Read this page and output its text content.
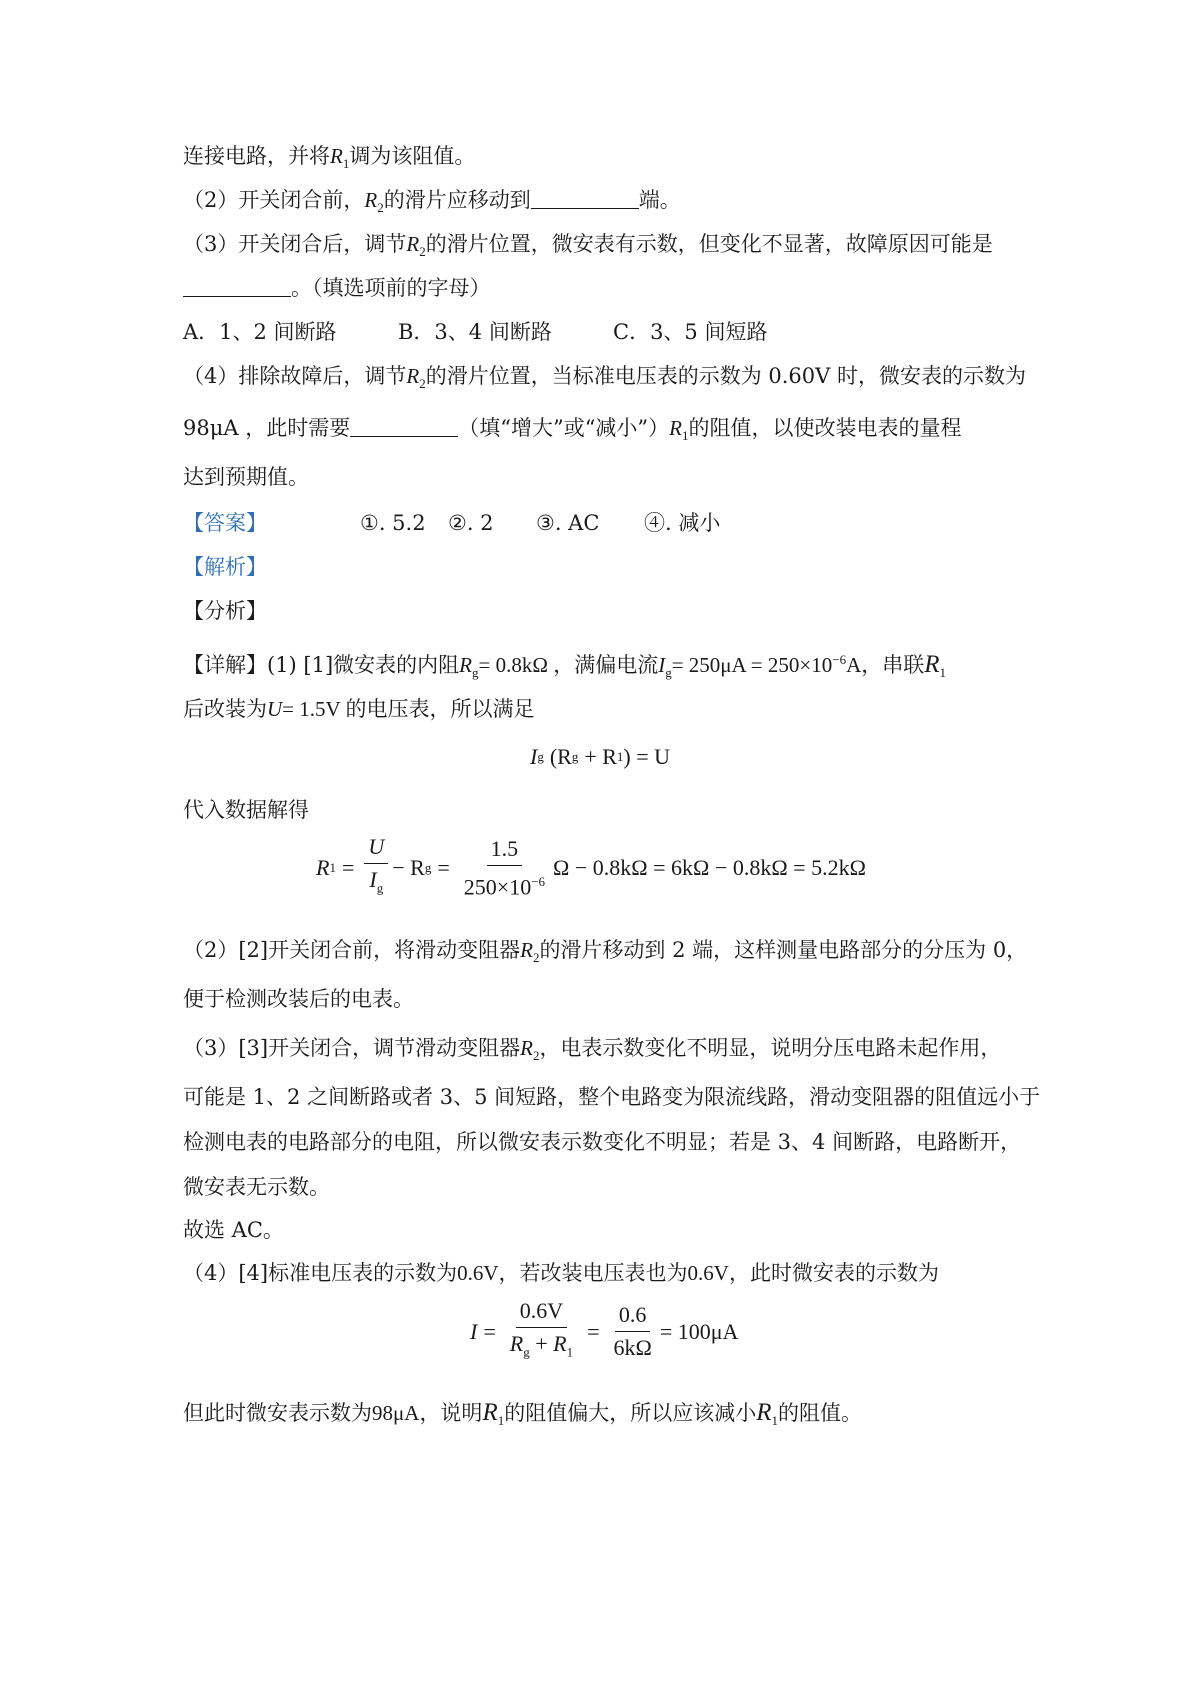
连接电路，并将$R_1$调为该阻值。
（2）开关闭合前，$R_2$的滑片应移动到	端。
（3）开关闭合后，调节$R_2$的滑片位置，微安表有示数，但变化不显著，故障原因可能是
。（填选项前的字母）
A．1、2 间断路	B．3、4 间断路	C．3、5 间短路
（4）排除故障后，调节$R_2$的滑片位置，当标准电压表的示数为 0.60V 时，微安表的示数为
98μA ，此时需要	（填“增大”或“减小$”)R_1$的阻值，以使改装电表的量程
达到预期值。
【答案】	①. 5.2 ②. 2 ③. AC ④. 减小
【解析】
【分析】
【详解】(1) [1]微安表的内阻$R_g= 0.8k\Omega$ ，满偏电流$I_g= 250\mu A = 250\times 10^{-6}A$，串联$R_1$
后改装为U= 1.5V 的电压表，所以满足
I g (R g + R 1 ) = U
代入数据解得
R $1 = \frac{U}{I_g} - R$ $g = \frac{1.5}{250\times 10^{-6}}$ Ω − 0.8kΩ = 6kΩ − 0.8kΩ = 5.2kΩ
（2）[2]开关闭合前，将滑动变阻器$R_2$的滑片移动到 2 端，这样测量电路部分的分压为 0，
便于检测改装后的电表。
（3）[3]开关闭合，调节滑动变阻器$R_2$，电表示数变化不明显，说明分压电路未起作用，
可能是 1、2 之间断路或者 3、5 间短路，整个电路变为限流线路，滑动变阻器的阻值远小于
检测电表的电路部分的电阻，所以微安表示数变化不明显；若是 3、4 间断路，电路断开，
微安表无示数。
故选 AC。
（4）[4]标准电压表的示数为0.6V，若改装电压表也为0.6V，此时微安表的示数为
$I = \frac{0.6V}{R_g + R_1} = \frac{0.6}{6k\Omega} = 100\mu A$
但此时微安表示数为98μA，说明$R_1$的阻值偏大，所以应该减小$R_1$的阻值。
